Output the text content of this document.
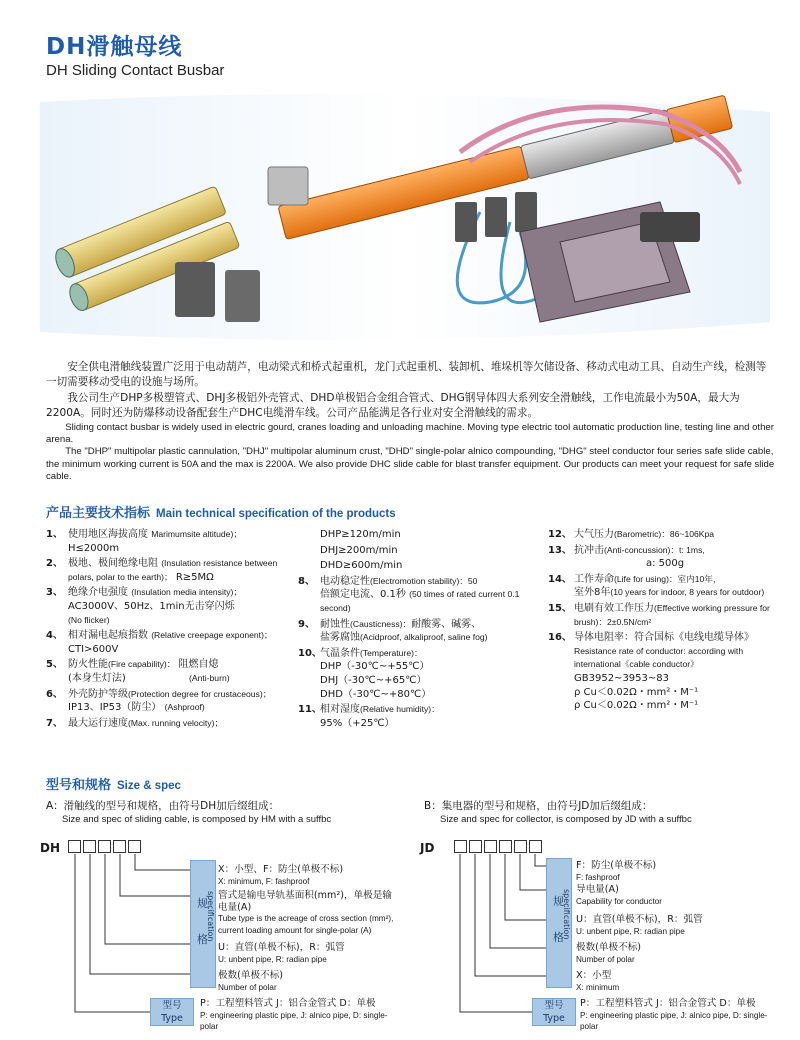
DH滑触母线
DH Sliding Contact Busbar

安全供电滑触线装置广泛用于电动葫芦，电动梁式和桥式起重机，龙门式起重机、装卸机、堆垛机等欠储设备、移动式电动工具、自动生产线，检测等一切需要移动受电的设施与场所。

我公司生产DHP多极塑管式、DHJ多极铝外壳管式、DHD单极铝合金组合管式、DHG钢导体四大系列安全滑触线，工作电流最小为50A，最大为2200A。同时还为防爆移动设备配套生产DHC电缆滑车线。公司产品能满足各行业对安全滑触线的需求。

Sliding contact busbar is widely used in electric gourd, cranes loading and unloading machine. Moving type electric tool automatic production line, testing line and other arena.

The "DHP" multipolar plastic cannulation, "DHJ" multipolar aluminum crust, "DHD" single-polar alnico compounding, "DHG" steel conductor four series safe slide cable, the minimum working current is 50A and the max is 2200A. We also provide DHC slide cable for blast transfer equipment. Our products can meet your request for safe slide cable.

产品主要技术指标 Main technical specification of the products
1、 使用地区海拔高度 Marimumsite altitude)；
H≤2000m
2、 极地、极间绝缘电阻 (Insulation resistance between polars, polar to the earth)； R≥5MΩ
3、 绝缘介电强度 (Insulation media intensity)；
AC3000V、50Hz、1min无击穿闪烁
(No flicker)
4、 相对漏电起痕指数 (Relative creepage exponent)； CTI>600V
5、 防火性能(Fire capability)： 阻燃自熄
(本身生灯法)	(Anti-burn)
6、 外壳防护等级(Protection degree for crustaceous)；
IP13、IP53（防尘） (Ashproof)
7、 最大运行速度(Max. running velocity)；
DHP≥120m/min
DHJ≥200m/min
DHD≥600m/min
8、 电动稳定性(Electromotion stability)：50
倍额定电流、0.1秒 (50 times of rated current 0.1 second)
9、 耐蚀性(Causticness)：耐酸雾、碱雾、
盐雾腐蚀(Acidproof, alkaliproof, saline fog)
10、
气温条件(Temperature)：
DHP（-30℃~+55℃）
DHJ（-30℃~+65℃）
DHD（-30℃~+80℃）
11、
相对湿度(Relative humidity)：
95%（+25℃）
12、 大气压力(Barometric)：86~106Kpa
13、 抗冲击(Anti-concussion)：t: 1ms,
a: 500g
14、 工作寿命(Life for using)：室内10年，
室外8年(10 years for indoor, 8 years for outdoor)
15、 电刷有效工作压力(Effective working pressure for brush)：2±0.5N/cm²
16、 导体电阻率：符合国标《电线电缆导体》
Resistance rate of conductor: according with international《cable conductor》
GB3952~3953~83
ρ Cu＜0.02Ω・mm²・M⁻¹
ρ Cu＜0.02Ω・mm²・M⁻¹
型号和规格 Size & spec
A：滑触线的型号和规格，由符号DH加后缀组成：
Size and spec of sliding cable, is composed by HM with a suffbc
B：集电器的型号和规格，由符号JD加后缀组成：
Size and spec for collector, is composed by JD with a suffbc
DH
规
格
specification
型号
Type
X：小型、F：防尘(单极不标)
X: minimum, F: fashproof
管式是输电导轨基面积(mm²)，单极是输电量(A)
Tube type is the acreage of cross section (mm²), current loading amount for single-polar (A)
U：直管(单极不标)，R：弧管
U: unbent pipe, R: radian pipe
极数(单极不标)
Number of polar
P：工程塑料管式 J：铝合金管式 D：单极
P: engineering plastic pipe, J: alnico pipe, D: single-polar
JD
规
格
specification
型号
Type
F：防尘(单极不标)
F: fashproof
导电量(A)
Capability for conductor
U：直管(单极不标)，R：弧管
U: unbent pipe, R: radian pipe
极数(单极不标)
Number of polar
X：小型
X: minimum
P：工程塑料管式 J：铝合金管式 D：单极
P: engineering plastic pipe, J: alnico pipe, D: single-polar
